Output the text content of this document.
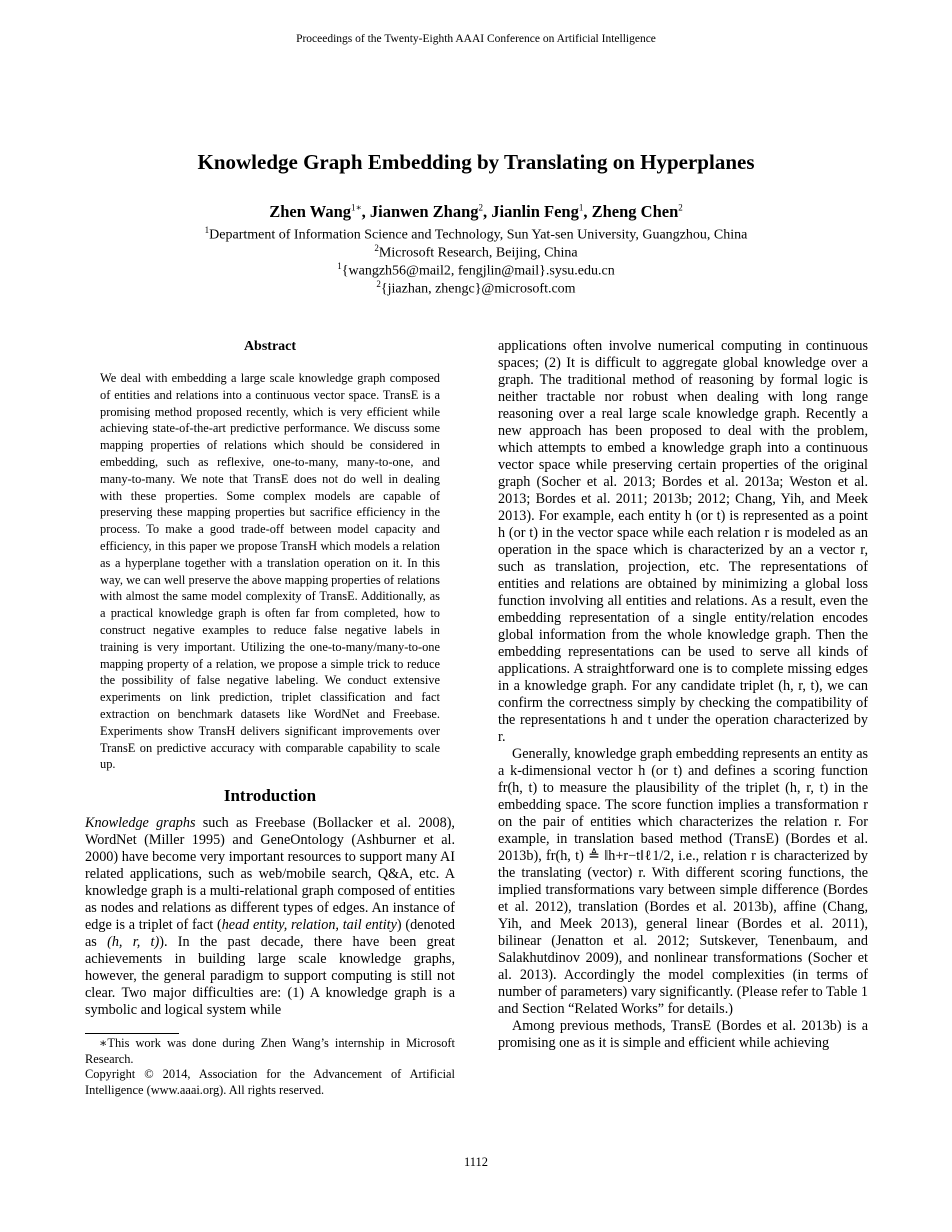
Proceedings of the Twenty-Eighth AAAI Conference on Artificial Intelligence
Knowledge Graph Embedding by Translating on Hyperplanes
Zhen Wang$^{1∗}$, Jianwen Zhang$^2$, Jianlin Feng$^1$, Zheng Chen$^2$
$^1$Department of Information Science and Technology, Sun Yat-sen University, Guangzhou, China
$^2$Microsoft Research, Beijing, China
$^1${wangzh56@mail2, fengjlin@mail}.sysu.edu.cn
$^2${jiazhan, zhengc}@microsoft.com
Abstract
We deal with embedding a large scale knowledge graph composed of entities and relations into a continuous vector space. TransE is a promising method proposed recently, which is very efficient while achieving state-of-the-art predictive performance. We discuss some mapping properties of relations which should be considered in embedding, such as reflexive, one-to-many, many-to-one, and many-to-many. We note that TransE does not do well in dealing with these properties. Some complex models are capable of preserving these mapping properties but sacrifice efficiency in the process. To make a good trade-off between model capacity and efficiency, in this paper we propose TransH which models a relation as a hyperplane together with a translation operation on it. In this way, we can well preserve the above mapping properties of relations with almost the same model complexity of TransE. Additionally, as a practical knowledge graph is often far from completed, how to construct negative examples to reduce false negative labels in training is very important. Utilizing the one-to-many/many-to-one mapping property of a relation, we propose a simple trick to reduce the possibility of false negative labeling. We conduct extensive experiments on link prediction, triplet classification and fact extraction on benchmark datasets like WordNet and Freebase. Experiments show TransH delivers significant improvements over TransE on predictive accuracy with comparable capability to scale up.
Introduction
Knowledge graphs such as Freebase (Bollacker et al. 2008), WordNet (Miller 1995) and GeneOntology (Ashburner et al. 2000) have become very important resources to support many AI related applications, such as web/mobile search, Q&A, etc. A knowledge graph is a multi-relational graph composed of entities as nodes and relations as different types of edges. An instance of edge is a triplet of fact (head entity, relation, tail entity) (denoted as (h, r, t)). In the past decade, there have been great achievements in building large scale knowledge graphs, however, the general paradigm to support computing is still not clear. Two major difficulties are: (1) A knowledge graph is a symbolic and logical system while

applications often involve numerical computing in continuous spaces; (2) It is difficult to aggregate global knowledge over a graph. The traditional method of reasoning by formal logic is neither tractable nor robust when dealing with long range reasoning over a real large scale knowledge graph. Recently a new approach has been proposed to deal with the problem, which attempts to embed a knowledge graph into a continuous vector space while preserving certain properties of the original graph (Socher et al. 2013; Bordes et al. 2013a; Weston et al. 2013; Bordes et al. 2011; 2013b; 2012; Chang, Yih, and Meek 2013). For example, each entity h (or t) is represented as a point h (or t) in the vector space while each relation r is modeled as an operation in the space which is characterized by an a vector r, such as translation, projection, etc. The representations of entities and relations are obtained by minimizing a global loss function involving all entities and relations. As a result, even the embedding representation of a single entity/relation encodes global information from the whole knowledge graph. Then the embedding representations can be used to serve all kinds of applications. A straightforward one is to complete missing edges in a knowledge graph. For any candidate triplet (h, r, t), we can confirm the correctness simply by checking the compatibility of the representations h and t under the operation characterized by r.

Generally, knowledge graph embedding represents an entity as a k-dimensional vector h (or t) and defines a scoring function fr(h, t) to measure the plausibility of the triplet (h, r, t) in the embedding space. The score function implies a transformation r on the pair of entities which characterizes the relation r. For example, in translation based method (TransE) (Bordes et al. 2013b), fr(h, t) ≜ ‖h+r−t‖ℓ1/2, i.e., relation r is characterized by the translating (vector) r. With different scoring functions, the implied transformations vary between simple difference (Bordes et al. 2012), translation (Bordes et al. 2013b), affine (Chang, Yih, and Meek 2013), general linear (Bordes et al. 2011), bilinear (Jenatton et al. 2012; Sutskever, Tenenbaum, and Salakhutdinov 2009), and nonlinear transformations (Socher et al. 2013). Accordingly the model complexities (in terms of number of parameters) vary significantly. (Please refer to Table 1 and Section “Related Works” for details.)

Among previous methods, TransE (Bordes et al. 2013b) is a promising one as it is simple and efficient while achieving

∗This work was done during Zhen Wang’s internship in Microsoft Research.

Copyright © 2014, Association for the Advancement of Artificial Intelligence (www.aaai.org). All rights reserved.

1112
